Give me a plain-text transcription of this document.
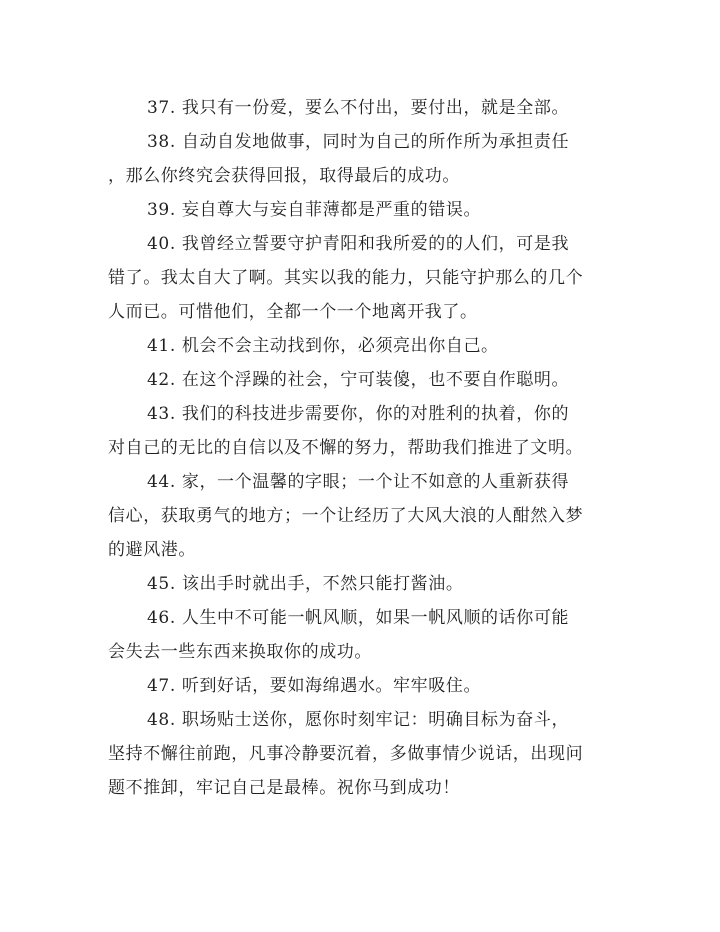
37. 我只有一份爱，要么不付出，要付出，就是全部。

38. 自动自发地做事，同时为自己的所作所为承担责任
，那么你终究会获得回报，取得最后的成功。

39. 妄自尊大与妄自菲薄都是严重的错误。

40. 我曾经立誓要守护青阳和我所爱的的人们，可是我
错了。我太自大了啊。其实以我的能力，只能守护那么的几个
人而已。可惜他们，全都一个一个地离开我了。

41. 机会不会主动找到你，必须亮出你自己。

42. 在这个浮躁的社会，宁可装傻，也不要自作聪明。

43. 我们的科技进步需要你，你的对胜利的执着，你的
对自己的无比的自信以及不懈的努力，帮助我们推进了文明。

44. 家，一个温馨的字眼；一个让不如意的人重新获得
信心，获取勇气的地方；一个让经历了大风大浪的人酣然入梦
的避风港。

45. 该出手时就出手，不然只能打酱油。

46. 人生中不可能一帆风顺，如果一帆风顺的话你可能
会失去一些东西来换取你的成功。

47. 听到好话，要如海绵遇水。牢牢吸住。

48. 职场贴士送你，愿你时刻牢记：明确目标为奋斗，
坚持不懈往前跑，凡事冷静要沉着，多做事情少说话，出现问
题不推卸，牢记自己是最棒。祝你马到成功！
